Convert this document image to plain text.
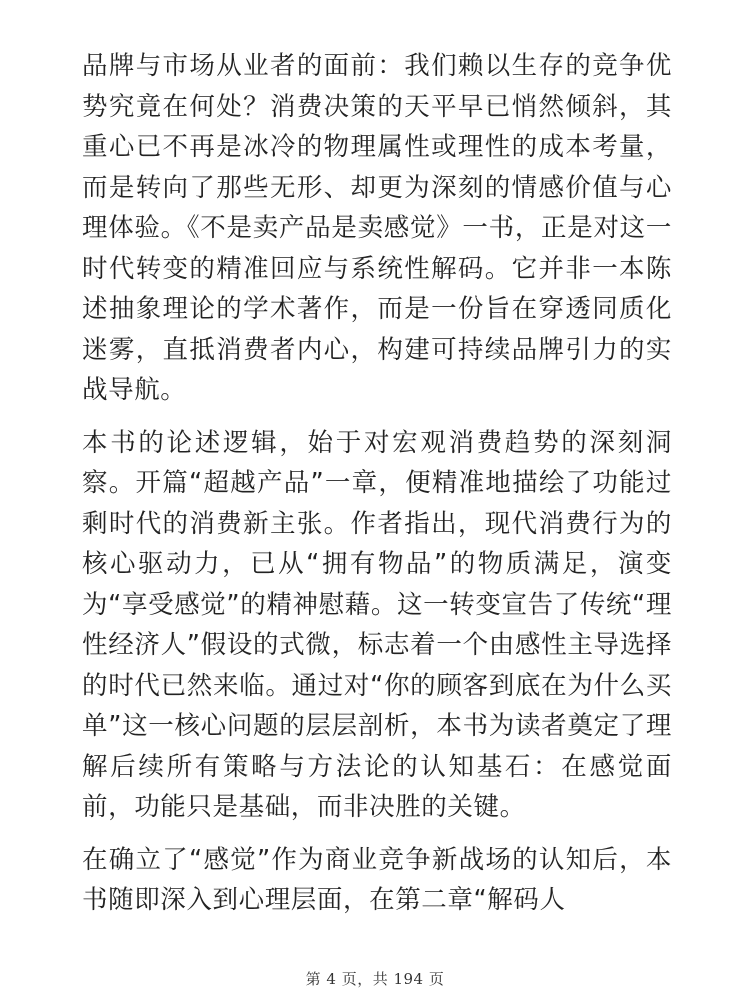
品牌与市场从业者的面前：我们赖以生存的竞争优势究竟在何处？消费决策的天平早已悄然倾斜，其重心已不再是冰冷的物理属性或理性的成本考量，而是转向了那些无形、却更为深刻的情感价值与心理体验。《不是卖产品是卖感觉》一书，正是对这一时代转变的精准回应与系统性解码。它并非一本陈述抽象理论的学术著作，而是一份旨在穿透同质化迷雾，直抵消费者内心，构建可持续品牌引力的实战导航。

本书的论述逻辑，始于对宏观消费趋势的深刻洞察。开篇“超越产品”一章，便精准地描绘了功能过剩时代的消费新主张。作者指出，现代消费行为的核心驱动力，已从“拥有物品”的物质满足，演变为“享受感觉”的精神慰藉。这一转变宣告了传统“理性经济人”假设的式微，标志着一个由感性主导选择的时代已然来临。通过对“你的顾客到底在为什么买单”这一核心问题的层层剖析，本书为读者奠定了理解后续所有策略与方法论的认知基石：在感觉面前，功能只是基础，而非决胜的关键。

在确立了“感觉”作为商业竞争新战场的认知后，本书随即深入到心理层面，在第二章“解码人

第 4 页，共 194 页
